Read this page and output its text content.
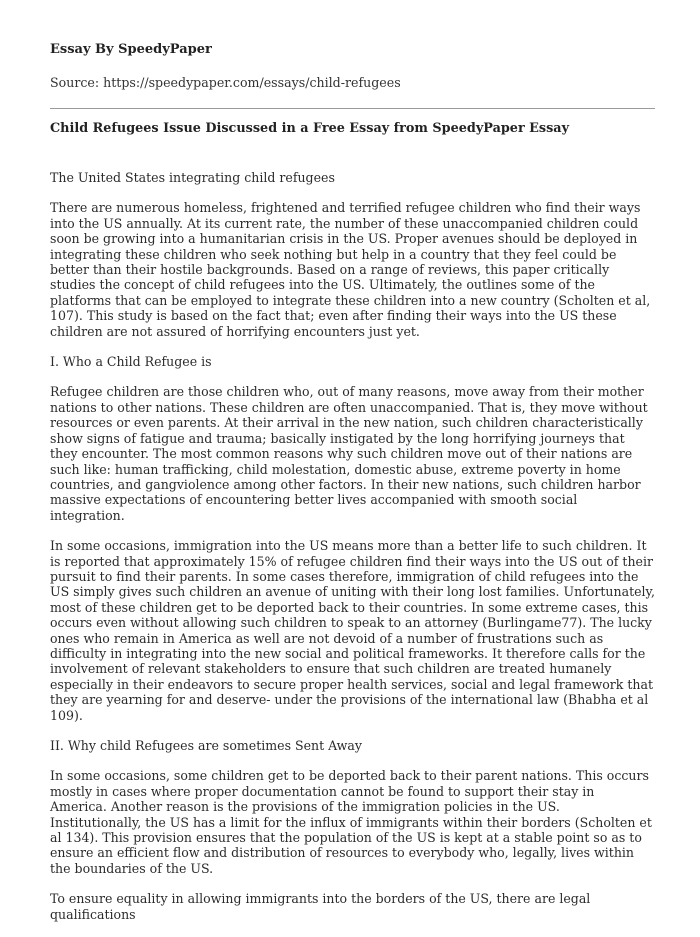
Essay By SpeedyPaper
Source: https://speedypaper.com/essays/child-refugees
Child Refugees Issue Discussed in a Free Essay from SpeedyPaper Essay

The United States integrating child refugees

There are numerous homeless, frightened and terrified refugee children who find their ways into the US annually. At its current rate, the number of these unaccompanied children could soon be growing into a humanitarian crisis in the US. Proper avenues should be deployed in integrating these children who seek nothing but help in a country that they feel could be better than their hostile backgrounds. Based on a range of reviews, this paper critically studies the concept of child refugees into the US. Ultimately, the outlines some of the platforms that can be employed to integrate these children into a new country (Scholten et al, 107). This study is based on the fact that; even after finding their ways into the US these children are not assured of horrifying encounters just yet.

I. Who a Child Refugee is

Refugee children are those children who, out of many reasons, move away from their mother nations to other nations. These children are often unaccompanied. That is, they move without resources or even parents. At their arrival in the new nation, such children characteristically show signs of fatigue and trauma; basically instigated by the long horrifying journeys that they encounter. The most common reasons why such children move out of their nations are such like: human trafficking, child molestation, domestic abuse, extreme poverty in home countries, and gangviolence among other factors. In their new nations, such children harbor massive expectations of encountering better lives accompanied with smooth social integration.

In some occasions, immigration into the US means more than a better life to such children. It is reported that approximately 15% of refugee children find their ways into the US out of their pursuit to find their parents. In some cases therefore, immigration of child refugees into the US simply gives such children an avenue of uniting with their long lost families. Unfortunately, most of these children get to be deported back to their countries. In some extreme cases, this occurs even without allowing such children to speak to an attorney (Burlingame77). The lucky ones who remain in America as well are not devoid of a number of frustrations such as difficulty in integrating into the new social and political frameworks. It therefore calls for the involvement of relevant stakeholders to ensure that such children are treated humanely especially in their endeavors to secure proper health services, social and legal framework that they are yearning for and deserve- under the provisions of the international law (Bhabha et al 109).

II. Why child Refugees are sometimes Sent Away

In some occasions, some children get to be deported back to their parent nations. This occurs mostly in cases where proper documentation cannot be found to support their stay in America. Another reason is the provisions of the immigration policies in the US. Institutionally, the US has a limit for the influx of immigrants within their borders (Scholten et al 134). This provision ensures that the population of the US is kept at a stable point so as to ensure an efficient flow and distribution of resources to everybody who, legally, lives within the boundaries of the US.

To ensure equality in allowing immigrants into the borders of the US, there are legal qualifications
